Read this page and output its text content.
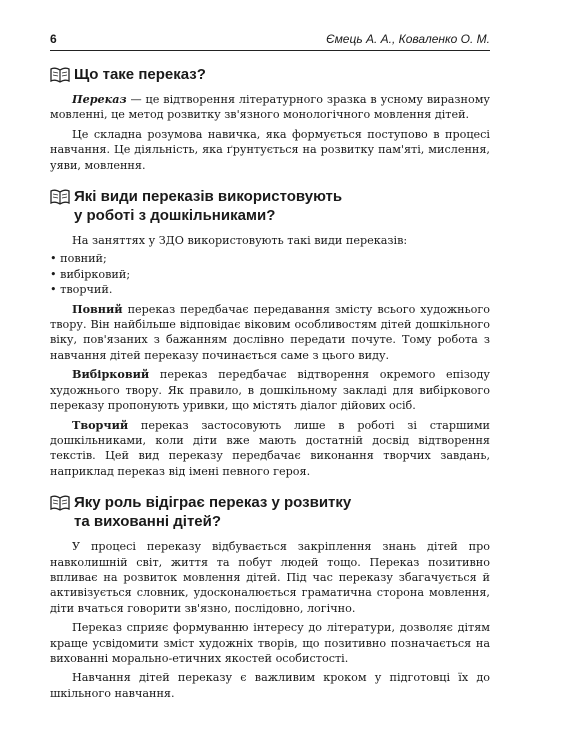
6	Ємець А. А., Коваленко О. М.
Що таке переказ?

Переказ — це відтворення літературного зразка в усному виразному мовленні, це метод розвитку зв'язного монологічного мовлення дітей.

Це складна розумова навичка, яка формується поступово в процесі навчання. Це діяльність, яка ґрунтується на розвитку пам'яті, мислення, уяви, мовлення.

Які види переказів використовують
у роботі з дошкільниками?

На заняттях у ЗДО використовують такі види переказів:

• повний;
• вибірковий;
• творчий.

Повний переказ передбачає передавання змісту всього художнього твору. Він найбільше відповідає віковим особливостям дітей дошкільного віку, пов'язаних з бажанням дослівно передати почуте. Тому робота з навчання дітей переказу починається саме з цього виду.

Вибірковий переказ передбачає відтворення окремого епізоду художнього твору. Як правило, в дошкільному закладі для вибіркового переказу пропонують уривки, що містять діалог дійових осіб.

Творчий переказ застосовують лише в роботі зі старшими дошкільниками, коли діти вже мають достатній досвід відтворення текстів. Цей вид переказу передбачає виконання творчих завдань, наприклад переказ від імені певного героя.

Яку роль відіграє переказ у розвитку
та вихованні дітей?

У процесі переказу відбувається закріплення знань дітей про навколишній світ, життя та побут людей тощо. Переказ позитивно впливає на розвиток мовлення дітей. Під час переказу збагачується й активізується словник, удосконалюється граматична сторона мовлення, діти вчаться говорити зв'язно, послідовно, логічно.

Переказ сприяє формуванню інтересу до літератури, дозволяє дітям краще усвідомити зміст художніх творів, що позитивно позначається на вихованні морально-етичних якостей особистості.

Навчання дітей переказу є важливим кроком у підготовці їх до шкільного навчання.
